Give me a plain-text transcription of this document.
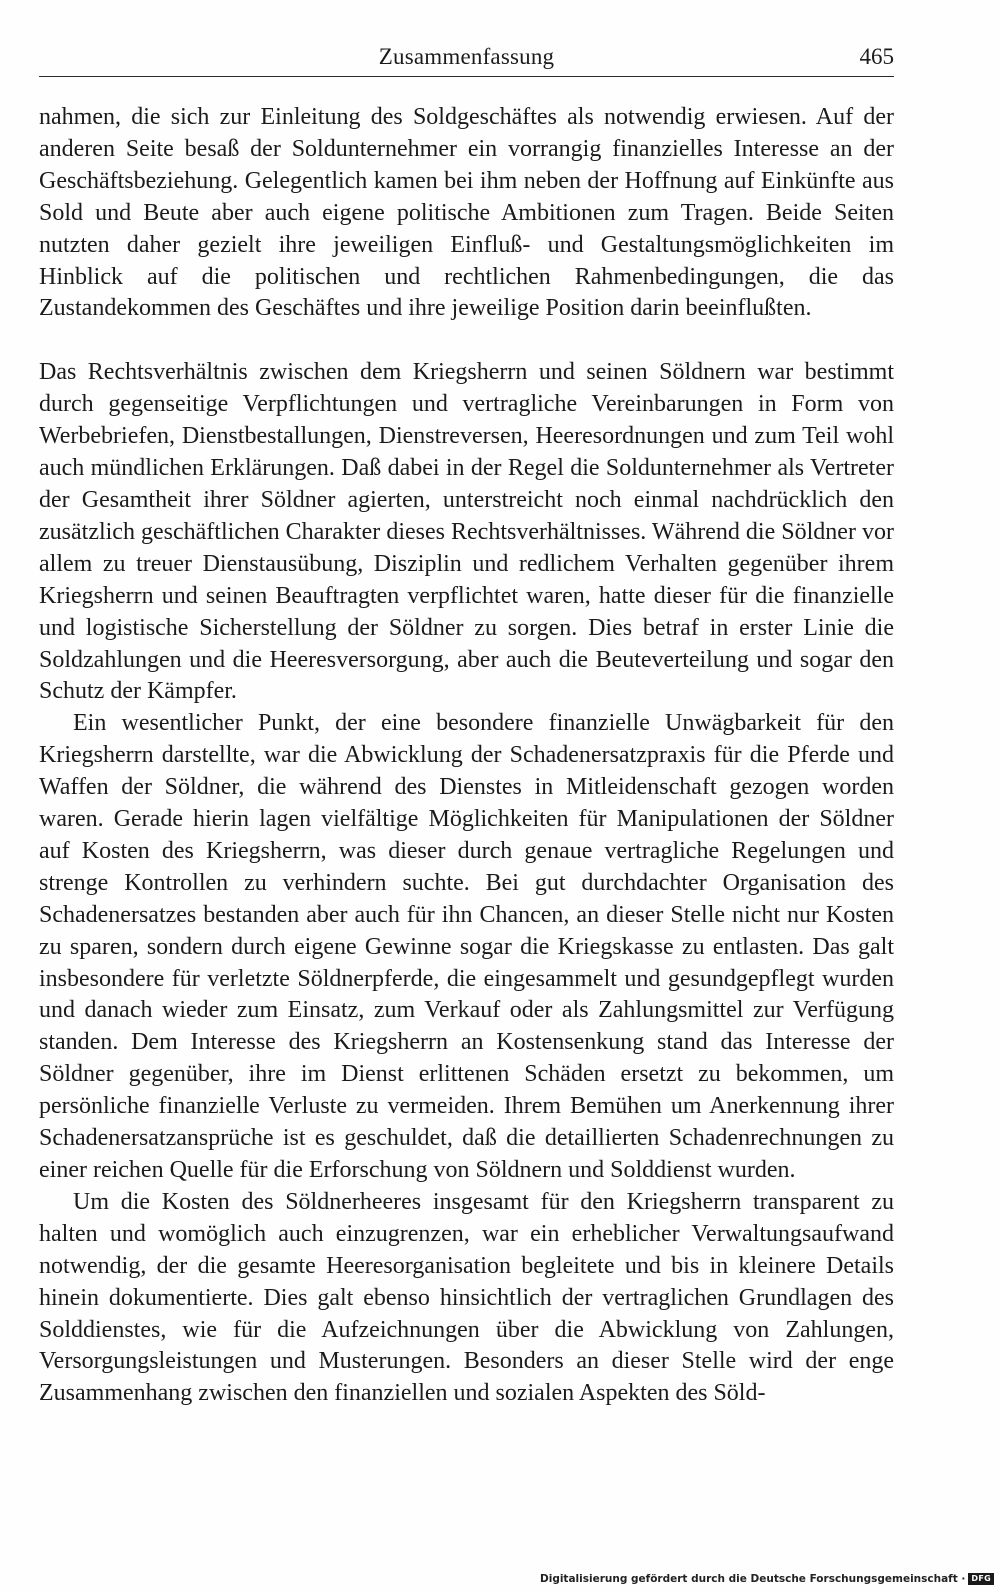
Zusammenfassung	465

nahmen, die sich zur Einleitung des Soldgeschäftes als notwendig erwiesen. Auf der anderen Seite besaß der Soldunternehmer ein vorrangig finanzielles Interesse an der Geschäftsbeziehung. Gelegentlich kamen bei ihm neben der Hoffnung auf Einkünfte aus Sold und Beute aber auch eigene politische Ambitionen zum Tragen. Beide Seiten nutzten daher gezielt ihre jeweiligen Einfluß- und Gestaltungsmöglichkeiten im Hinblick auf die politischen und rechtlichen Rahmenbedingungen, die das Zustandekommen des Geschäftes und ihre jeweilige Position darin beeinflußten.

Das Rechtsverhältnis zwischen dem Kriegsherrn und seinen Söldnern war bestimmt durch gegenseitige Verpflichtungen und vertragliche Vereinbarungen in Form von Werbebriefen, Dienstbestallungen, Dienstreversen, Heeresordnungen und zum Teil wohl auch mündlichen Erklärungen. Daß dabei in der Regel die Soldunternehmer als Vertreter der Gesamtheit ihrer Söldner agierten, unterstreicht noch einmal nachdrücklich den zusätzlich geschäftlichen Charakter dieses Rechtsverhältnisses. Während die Söldner vor allem zu treuer Dienstausübung, Disziplin und redlichem Verhalten gegenüber ihrem Kriegsherrn und seinen Beauftragten verpflichtet waren, hatte dieser für die finanzielle und logistische Sicherstellung der Söldner zu sorgen. Dies betraf in erster Linie die Soldzahlungen und die Heeresversorgung, aber auch die Beuteverteilung und sogar den Schutz der Kämpfer.

Ein wesentlicher Punkt, der eine besondere finanzielle Unwägbarkeit für den Kriegsherrn darstellte, war die Abwicklung der Schadenersatzpraxis für die Pferde und Waffen der Söldner, die während des Dienstes in Mitleidenschaft gezogen worden waren. Gerade hierin lagen vielfältige Möglichkeiten für Manipulationen der Söldner auf Kosten des Kriegsherrn, was dieser durch genaue vertragliche Regelungen und strenge Kontrollen zu verhindern suchte. Bei gut durchdachter Organisation des Schadenersatzes bestanden aber auch für ihn Chancen, an dieser Stelle nicht nur Kosten zu sparen, sondern durch eigene Gewinne sogar die Kriegskasse zu entlasten. Das galt insbesondere für verletzte Söldnerpferde, die eingesammelt und gesundgepflegt wurden und danach wieder zum Einsatz, zum Verkauf oder als Zahlungsmittel zur Verfügung standen. Dem Interesse des Kriegsherrn an Kostensenkung stand das Interesse der Söldner gegenüber, ihre im Dienst erlittenen Schäden ersetzt zu bekommen, um persönliche finanzielle Verluste zu vermeiden. Ihrem Bemühen um Anerkennung ihrer Schadenersatzansprüche ist es geschuldet, daß die detaillierten Schadenrechnungen zu einer reichen Quelle für die Erforschung von Söldnern und Solddienst wurden.

Um die Kosten des Söldnerheeres insgesamt für den Kriegsherrn transparent zu halten und womöglich auch einzugrenzen, war ein erheblicher Verwaltungsaufwand notwendig, der die gesamte Heeresorganisation begleitete und bis in kleinere Details hinein dokumentierte. Dies galt ebenso hinsichtlich der vertraglichen Grundlagen des Solddienstes, wie für die Aufzeichnungen über die Abwicklung von Zahlungen, Versorgungsleistungen und Musterungen. Besonders an dieser Stelle wird der enge Zusammenhang zwischen den finanziellen und sozialen Aspekten des Söld-

Digitalisierung gefördert durch die Deutsche Forschungsgemeinschaft · DFG
